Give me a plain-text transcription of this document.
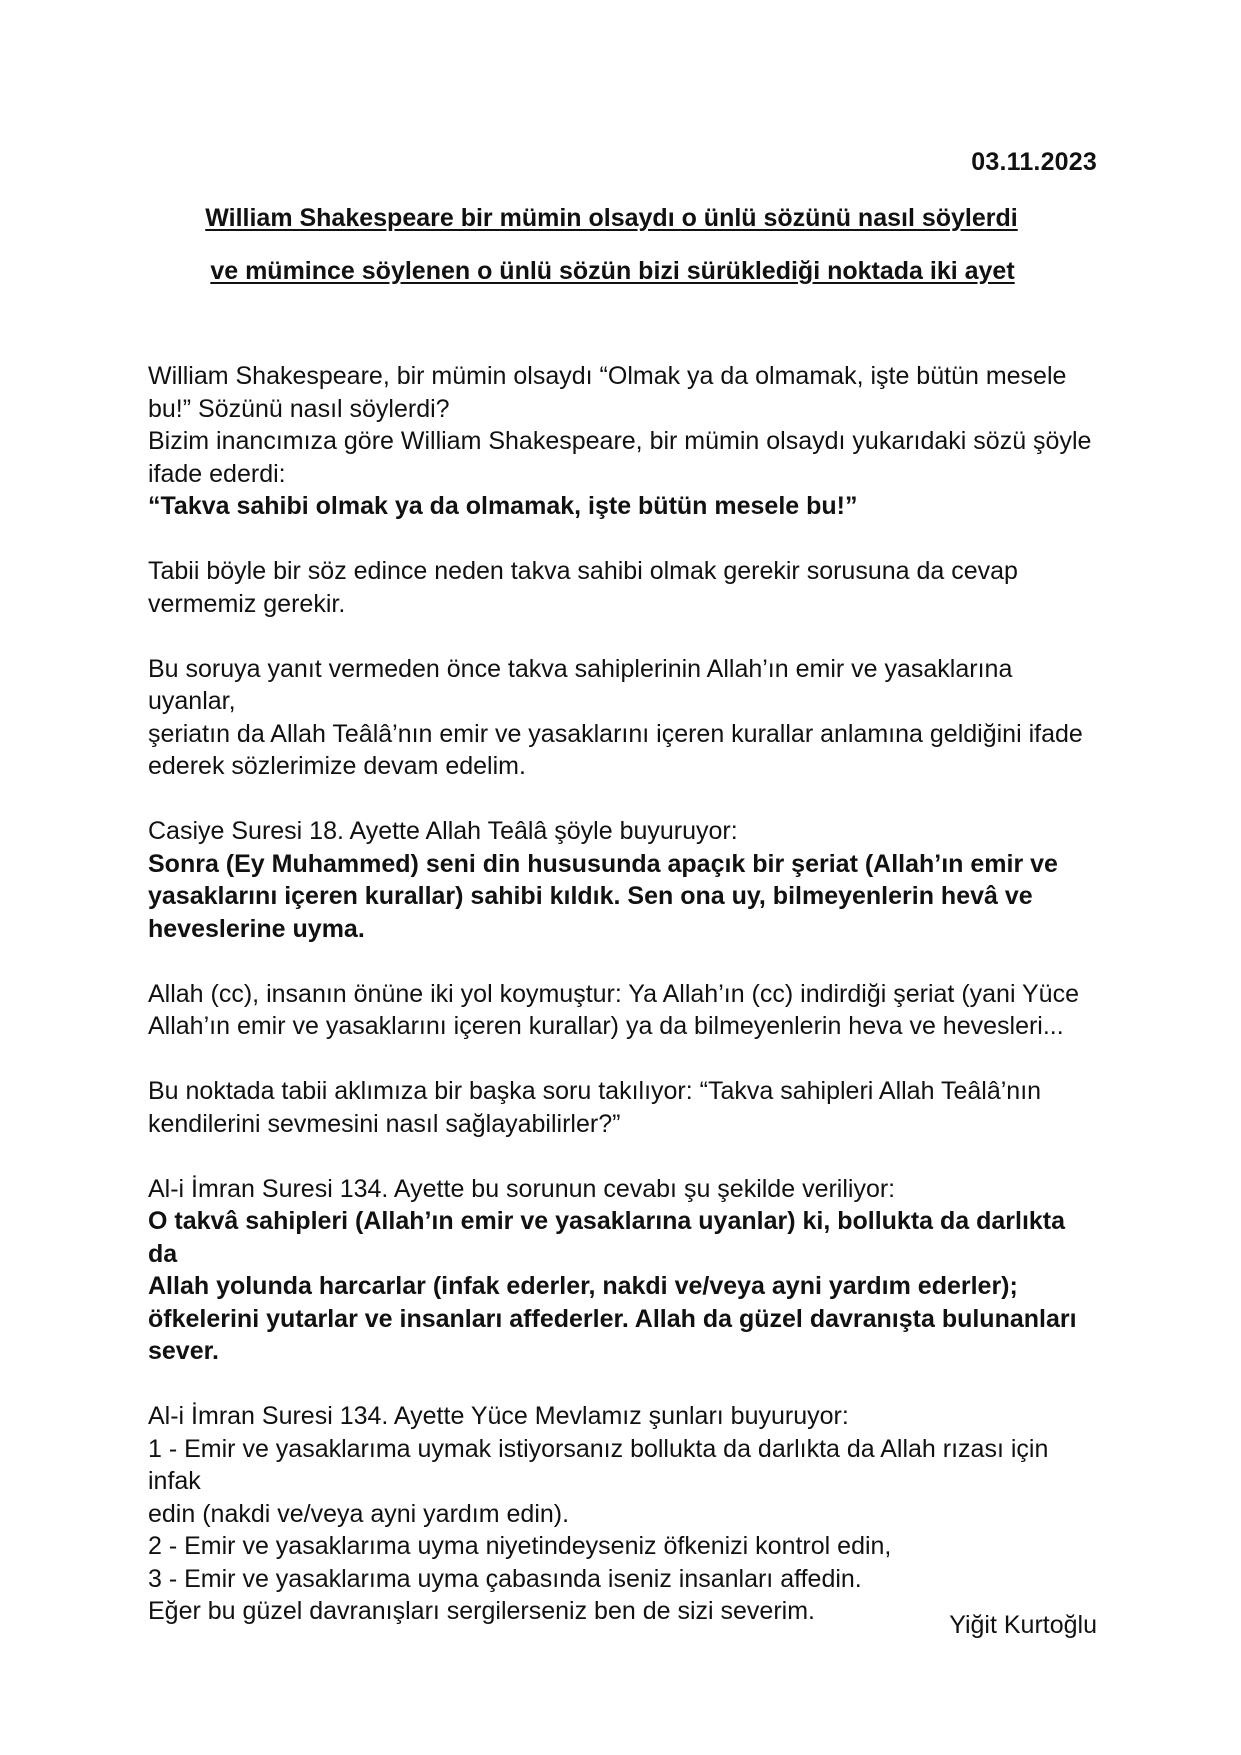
03.11.2023
William Shakespeare bir mümin olsaydı o ünlü sözünü nasıl söylerdi
ve mümince söylenen o ünlü sözün bizi sürüklediği noktada iki ayet

William Shakespeare, bir mümin olsaydı “Olmak ya da olmamak, işte bütün mesele

bu!” Sözünü nasıl söylerdi?

Bizim inancımıza göre William Shakespeare, bir mümin olsaydı yukarıdaki sözü şöyle

ifade ederdi:

“Takva sahibi olmak ya da olmamak, işte bütün mesele bu!”

Tabii böyle bir söz edince neden takva sahibi olmak gerekir sorusuna da cevap

vermemiz gerekir.

Bu soruya yanıt vermeden önce takva sahiplerinin Allah’ın emir ve yasaklarına uyanlar,

şeriatın da Allah Teâlâ’nın emir ve yasaklarını içeren kurallar anlamına geldiğini ifade

ederek sözlerimize devam edelim.

Casiye Suresi 18. Ayette Allah Teâlâ şöyle buyuruyor:

Sonra (Ey Muhammed) seni din hususunda apaçık bir şeriat (Allah’ın emir ve

yasaklarını içeren kurallar) sahibi kıldık. Sen ona uy, bilmeyenlerin hevâ ve

heveslerine uyma.

Allah (cc), insanın önüne iki yol koymuştur: Ya Allah’ın (cc) indirdiği şeriat (yani Yüce

Allah’ın emir ve yasaklarını içeren kurallar) ya da bilmeyenlerin heva ve hevesleri...

Bu noktada tabii aklımıza bir başka soru takılıyor: “Takva sahipleri Allah Teâlâ’nın

kendilerini sevmesini nasıl sağlayabilirler?”

Al-i İmran Suresi 134. Ayette bu sorunun cevabı şu şekilde veriliyor:

O takvâ sahipleri (Allah’ın emir ve yasaklarına uyanlar) ki, bollukta da darlıkta da

Allah yolunda harcarlar (infak ederler, nakdi ve/veya ayni yardım ederler);

öfkelerini yutarlar ve insanları affederler. Allah da güzel davranışta bulunanları

sever.

Al-i İmran Suresi 134. Ayette Yüce Mevlamız şunları buyuruyor:

1 - Emir ve yasaklarıma uymak istiyorsanız bollukta da darlıkta da Allah rızası için infak

edin (nakdi ve/veya ayni yardım edin).

2 - Emir ve yasaklarıma uyma niyetindeyseniz öfkenizi kontrol edin,

3 - Emir ve yasaklarıma uyma çabasında iseniz insanları affedin.

Eğer bu güzel davranışları sergilerseniz ben de sizi severim.	Yiğit Kurtoğlu
